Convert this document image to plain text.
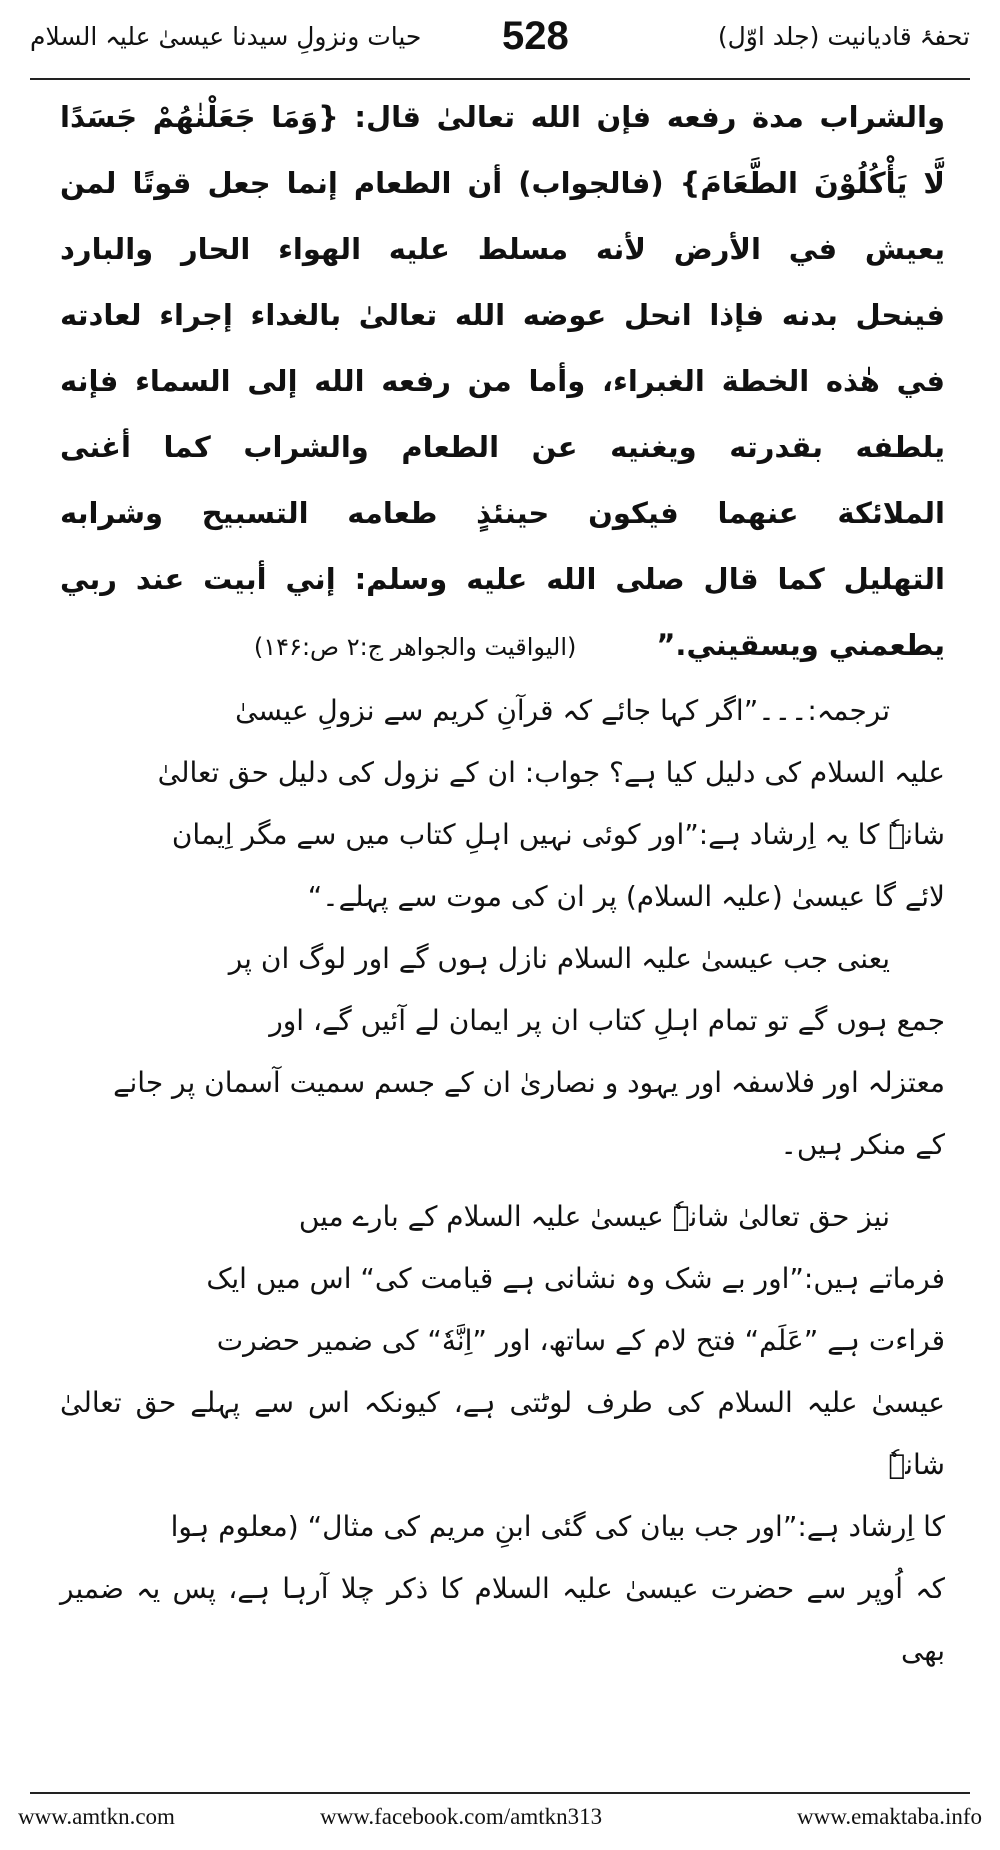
حیات ونزولِ سیدنا عیسیٰ علیہ السلام 528	تحفۂ قادیانیت (جلد اوّل)

والشراب مدة رفعه فإن الله تعالىٰ قال: {وَمَا جَعَلْنٰهُمْ جَسَدًا

لَّا يَأْكُلُوْنَ الطَّعَامَ} (فالجواب) أن الطعام إنما جعل قوتًا لمن

يعيش في الأرض لأنه مسلط عليه الهواء الحار والبارد

فينحل بدنه فإذا انحل عوضه الله تعالىٰ بالغداء إجراء لعادته

في هٰذه الخطة الغبراء، وأما من رفعه الله إلى السماء فإنه

يلطفه بقدرته ويغنيه عن الطعام والشراب كما أغنى

الملائكة عنهما فيكون حينئذٍ طعامه التسبيح وشرابه

التهليل كما قال صلى الله عليه وسلم: إني أبيت عند ربي

يطعمني ويسقيني.”(اليواقيت والجواهر ج:۲ ص:۱۴۶)

ترجمہ:۔۔۔”اگر کہا جائے کہ قرآنِ کریم سے نزولِ عیسیٰ

علیہ السلام کی دلیل کیا ہے؟ جواب: ان کے نزول کی دلیل حق تعالیٰ

شانہٗ کا یہ اِرشاد ہے:”اور کوئی نہیں اہلِ کتاب میں سے مگر اِیمان

لائے گا عیسیٰ (علیہ السلام) پر ان کی موت سے پہلے۔“

یعنی جب عیسیٰ علیہ السلام نازل ہوں گے اور لوگ ان پر

جمع ہوں گے تو تمام اہلِ کتاب ان پر ایمان لے آئیں گے، اور

معتزلہ اور فلاسفہ اور یہود و نصاریٰ ان کے جسم سمیت آسمان پر جانے

کے منکر ہیں۔

نیز حق تعالیٰ شانہٗ عیسیٰ علیہ السلام کے بارے میں

فرماتے ہیں:”اور بے شک وہ نشانی ہے قیامت کی“ اس میں ایک

قراءت ہے ”عَلَم“ فتح لام کے ساتھ، اور ”اِنَّهٗ“ کی ضمیر حضرت

عیسیٰ علیہ السلام کی طرف لوٹتی ہے، کیونکہ اس سے پہلے حق تعالیٰ شانہٗ

کا اِرشاد ہے:”اور جب بیان کی گئی ابنِ مریم کی مثال“ (معلوم ہوا

کہ اُوپر سے حضرت عیسیٰ علیہ السلام کا ذکر چلا آرہا ہے، پس یہ ضمیر بھی

www.amtkn.com	www.facebook.com/amtkn313	www.emaktaba.info
